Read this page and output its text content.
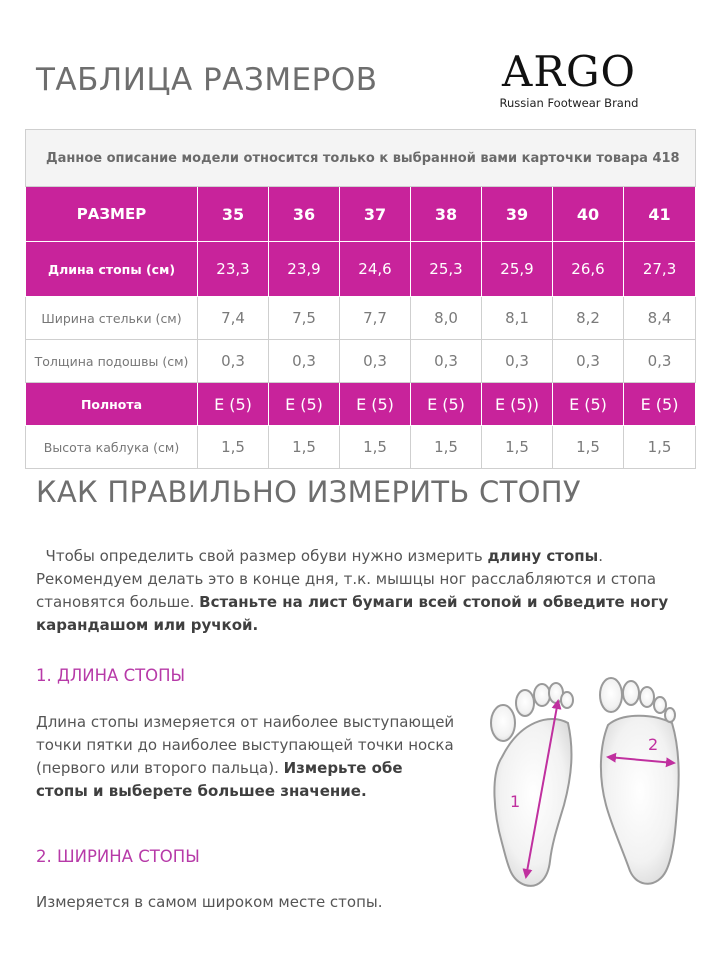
ТАБЛИЦА РАЗМЕРОВ	ARGO
Russian Footwear Brand
Данное описание модели относится только к выбранной вами карточки товара 418							
РАЗМЕР	35	36	37	38	39	40	41
Длина стопы (см)	23,3	23,9	24,6	25,3	25,9	26,6	27,3
Ширина стельки (см)	7,4	7,5	7,7	8,0	8,1	8,2	8,4
Толщина подошвы (см)	0,3	0,3	0,3	0,3	0,3	0,3	0,3
Полнота	E (5)	E (5)	E (5)	E (5)	E (5))	E (5)	E (5)
Высота каблука (см)	1,5	1,5	1,5	1,5	1,5	1,5	1,5
КАК ПРАВИЛЬНО ИЗМЕРИТЬ СТОПУ
Чтобы определить свой размер обуви нужно измерить длину стопы. Рекомендуем делать это в конце дня, т.к. мышцы ног расслабляются и стопа становятся больше. Встаньте на лист бумаги всей стопой и обведите ногу карандашом или ручкой.
1. ДЛИНА СТОПЫ
Длина стопы измеряется от наиболее выступающей точки пятки до наиболее выступающей точки носка (первого или второго пальца). Измерьте обе стопы и выберете большее значение.
2. ШИРИНА СТОПЫ
Измеряется в самом широком месте стопы.
1
2
